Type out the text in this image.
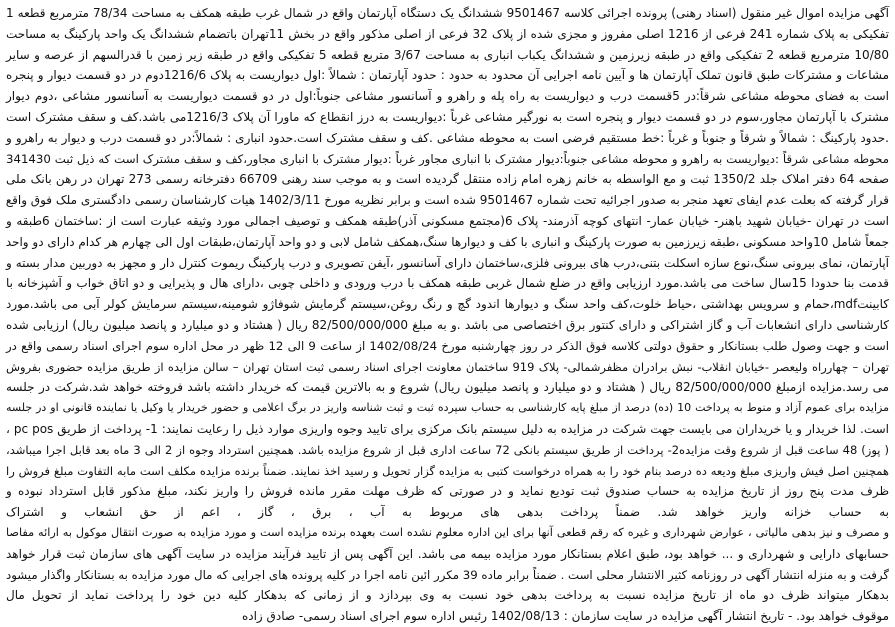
آگهی مزایده اموال غیر منقول (اسناد رهنی) پرونده اجرائی کلاسه 9501467 ششدانگ یک دستگاه آپارتمان واقع در شمال غرب طبقه همکف به مساحت 78/34 مترمربع قطعه 1
تفکیکی به پلاک شماره 241 فرعی از 1216 اصلی مفروز و مجزی شده از پلاک 32 فرعی از اصلی مذکور واقع در بخش 11تهران باتضمام ششدانگ یک واحد پارکینگ به مساحت
10/80 مترمربع قطعه 2 تفکیکی واقع در طبقه زیرزمین و ششدانگ یکباب انباری به مساحت 3/67 متربع قطعه 5 تفکیکی واقع در طبقه زیر زمین با قدرالسهم از عرصه و سایر
مشاعات و مشترکات طبق قانون تملک آپارتمان ها و آیین نامه اجرایی آن محدود به حدود : حدود آپارتمان : شمالاً :اول دیواریست به پلاک 1216/6دوم در دو قسمت دیوار و پنجره
است به فضای محوطه مشاعی شرقاً:در 5قسمت درب و دیواریست به راه پله و راهرو و آسانسور مشاعی جنوباً:اول در دو قسمت دیواریست به آسانسور مشاعی ،دوم دیوار
مشترک با آپارتمان مجاور،سوم در دو قسمت دیوار و پنجره است به نورگیر مشاعی غرباً :دیواریست به درز انقطاع که ماورا آن پلاک 1216/3می باشد.کف و سقف مشترک است
.حدود پارکینگ : شمالاً و شرقاً و جنوباً و غرباً :خط مستقیم فرضی است به محوطه مشاعی .کف و سقف مشترک است.حدود انباری : شمالاً:در دو قسمت درب و دیوار به راهرو و
محوطه مشاعی شرقاً :دیواریست به راهرو و محوطه مشاعی جنوباً:دیوار مشترک با انباری مجاور غرباً :دیوار مشترک با انباری مجاور،کف و سقف مشترک است که ذیل ثبت 341430
صفحه 64 دفتر املاک جلد 1350/2 ثبت و مع الواسطه به خانم زهره امام زاده منتقل گردیده است و به موجب سند رهنی 66709 دفترخانه رسمی 273 تهران در رهن بانک ملی
قرار گرفته که بعلت عدم ایفای تعهد منجر به صدور اجرائیه تحت شماره 9501467 شده است و برابر نظریه مورخ 1402/3/11 هیات کارشناسان رسمی دادگستری ملک فوق واقع
است در تهران -خیابان شهید باهنر- خیابان عمار- انتهای کوچه آذرمند- پلاک 6(مجتمع مسکونی آذر)طبقه همکف و توصیف اجمالی مورد وثیقه عبارت است از :ساختمان 6طبقه و
جمعاً شامل 10واحد مسکونی ،طبقه زیرزمین به صورت پارکینگ و انباری با کف و دیوارها سنگ،همکف شامل لابی و دو واحد آپارتمان،طبقات اول الی چهارم هر کدام دارای دو واحد
آپارتمان، نمای بیرونی سنگ،نوع سازه اسکلت بتنی،درب های بیرونی فلزی،ساختمان دارای آسانسور ،آیفن تصویری و درب پارکینگ ریموت کنترل دار و مجهز به دوربین مدار بسته و
قدمت بنا حدودا 15سال ساخت می باشد.مورد ارزیابی واقع در ضلع شمال غربی طبقه همکف با درب ورودی و داخلی چوبی ،دارای هال و پذیرایی و دو اتاق خواب و آشپزخانه با
کابینتmdf،حمام و سرویس بهداشتی ،حیاط خلوت،کف واحد سنگ و دیوارها اندود گچ و رنگ روغن،سیستم گرمایش شوفاژو شومینه،سیستم سرمایش کولر آبی می باشد.مورد
کارشناسی دارای انشعابات آب و گاز اشتراکی و دارای کنتور برق اختصاصی می باشد .و به مبلغ 82/500/000/000 ریال ( هشتاد و دو میلیارد و پانصد میلیون ریال) ارزیابی شده
است و جهت وصول طلب بستانکار و حقوق دولتی کلاسه فوق الذکر در روز چهارشنبه مورخ 1402/08/24 از ساعت 9 الی 12 ظهر در محل اداره سوم اجرای اسناد رسمی واقع در
تهران – چهارراه ولیعصر -خیابان انقلاب- نبش برادران مظفرشمالی- پلاک 919 ساختمان معاونت اجرای اسناد رسمی ثبت استان تهران – سالن مزایده از طریق مزایده حضوری بفروش
می رسد.مزایده ازمبلغ 82/500/000/000 ریال ( هشتاد و دو میلیارد و پانصد میلیون ریال) شروع و به بالاترین قیمت که خریدار داشته باشد فروخته خواهد شد.شرکت در جلسه
مزایده برای عموم آزاد و منوط به پرداخت 10 (ده) درصد از مبلغ پایه کارشناسی به حساب سپرده ثبت و ثبت شناسه واریز در برگ اعلامی و حضور خریدار یا وکیل یا نماینده قانونی او در جلسه
است. لذا خریدار و یا خریداران می بایست جهت شرکت در مزایده به دلیل سیستم بانک مرکزی برای تایید وجوه واریزی موارد ذیل را رعایت نمایند: 1- پرداخت از طریق pc pos ،
( پوز) 48 ساعت قبل از شروع وقت مزایده2- پرداخت از طریق سیستم بانکی 72 ساعت اداری قبل از شروع مزایده باشد. همچنین استرداد وجوه از 2 الی 3 ماه بعد قابل اجرا میباشد،
همچنین اصل فیش واریزی مبلغ ودیعه ده درصد بنام خود را به همراه درخواست کتبی به مزایده گزار تحویل و رسید اخذ نمایند. ضمناً برنده مزایده مکلف است مابه التفاوت مبلغ فروش را
ظرف مدت پنج روز از تاریخ مزایده به حساب صندوق ثبت تودیع نماید و در صورتی که ظرف مهلت مقرر مانده فروش را واریز نکند، مبلغ مذکور قابل استرداد نبوده و
به حساب خزانه واریز خواهد شد. ضمناً پرداخت بدهی های مربوط به آب ، برق ، گاز ، اعم از حق انشعاب و اشتراک
و مصرف و نیز بدهی مالیاتی ، عوارض شهرداری و غیره که رقم قطعی آنها برای این اداره معلوم نشده است بعهده برنده مزایده است و مورد مزایده به صورت انتقال موکول به ارائه مفاصا
حسابهای دارایی و شهرداری و ... خواهد بود، طبق اعلام بستانکار مورد مزایده بیمه می باشد. این آگهی پس از تایید فرآیند مزایده در سایت آگهی های سازمان ثبت قرار خواهد
گرفت و به منزله انتشار آگهی در روزنامه کثیر الانتشار محلی است . ضمناً برابر ماده 39 مکرر ائین نامه اجرا در کلیه پرونده های اجرایی که مال مورد مزایده به بستانکار واگذار میشود
بدهکار میتواند ظرف دو ماه از تاریخ مزایده نسبت به پرداخت بدهی خود نسبت به وی بپردازد و از زمانی که بدهکار کلیه دین خود را پرداخت نماید از تحویل مال
موقوف خواهد بود. - تاریخ انتشار آگهی مزایده در سایت سازمان : 1402/08/13 رئیس اداره سوم اجرای اسناد رسمی- صادق زاده
